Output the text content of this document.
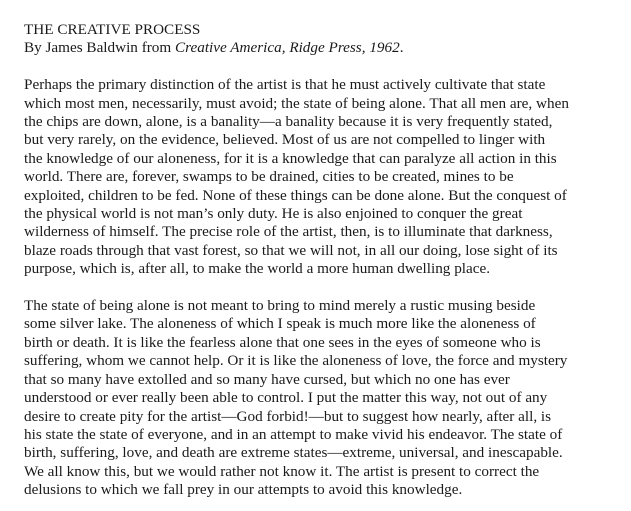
THE CREATIVE PROCESS
By James Baldwin from Creative America, Ridge Press, 1962.
Perhaps the primary distinction of the artist is that he must actively cultivate that state
which most men, necessarily, must avoid; the state of being alone. That all men are, when
the chips are down, alone, is a banality—a banality because it is very frequently stated,
but very rarely, on the evidence, believed. Most of us are not compelled to linger with
the knowledge of our aloneness, for it is a knowledge that can paralyze all action in this
world. There are, forever, swamps to be drained, cities to be created, mines to be
exploited, children to be fed. None of these things can be done alone. But the conquest of
the physical world is not man’s only duty. He is also enjoined to conquer the great
wilderness of himself. The precise role of the artist, then, is to illuminate that darkness,
blaze roads through that vast forest, so that we will not, in all our doing, lose sight of its
purpose, which is, after all, to make the world a more human dwelling place.
The state of being alone is not meant to bring to mind merely a rustic musing beside
some silver lake. The aloneness of which I speak is much more like the aloneness of
birth or death. It is like the fearless alone that one sees in the eyes of someone who is
suffering, whom we cannot help. Or it is like the aloneness of love, the force and mystery
that so many have extolled and so many have cursed, but which no one has ever
understood or ever really been able to control. I put the matter this way, not out of any
desire to create pity for the artist—God forbid!—but to suggest how nearly, after all, is
his state the state of everyone, and in an attempt to make vivid his endeavor. The state of
birth, suffering, love, and death are extreme states—extreme, universal, and inescapable.
We all know this, but we would rather not know it. The artist is present to correct the
delusions to which we fall prey in our attempts to avoid this knowledge.
